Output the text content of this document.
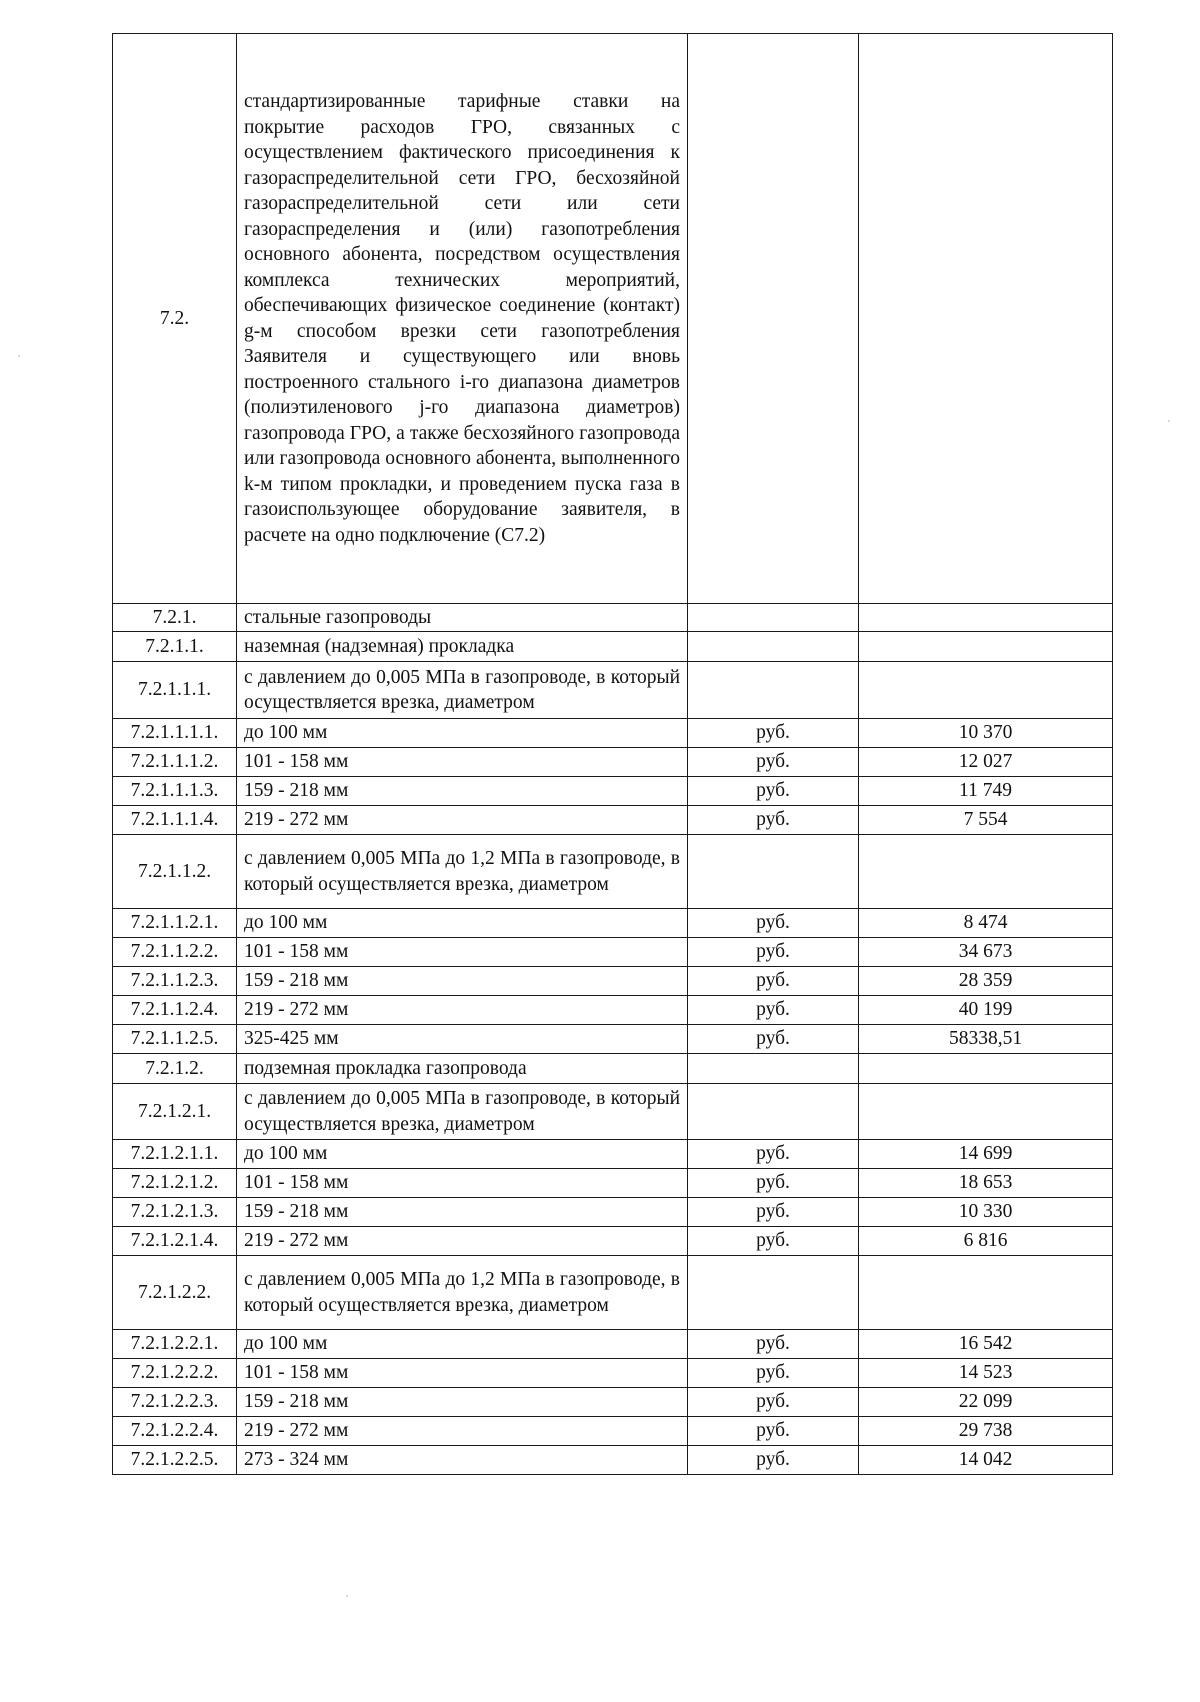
7.2.	стандартизированные тарифные ставки на покрытие расходов ГРО, связанных с осуществлением фактического присоединения к газораспределительной сети ГРО, бесхозяйной газораспределительной сети или сети газораспределения и (или) газопотребления основного абонента, посредством осуществления комплекса технических мероприятий, обеспечивающих физическое соединение (контакт) g-м способом врезки сети газопотребления Заявителя и существующего или вновь построенного стального i-го диапазона диаметров (полиэтиленового j-го диапазона диаметров) газопровода ГРО, а также бесхозяйного газопровода или газопровода основного абонента, выполненного k-м типом прокладки, и проведением пуска газа в газоиспользующее оборудование заявителя, в расчете на одно подключение (С7.2)		
7.2.1.	стальные газопроводы		
7.2.1.1.	наземная (надземная) прокладка		
7.2.1.1.1.	с давлением до 0,005 МПа в газопроводе, в который осуществляется врезка, диаметром		
7.2.1.1.1.1.	до 100 мм	руб.	10 370
7.2.1.1.1.2.	101 - 158 мм	руб.	12 027
7.2.1.1.1.3.	159 - 218 мм	руб.	11 749
7.2.1.1.1.4.	219 - 272 мм	руб.	7 554
7.2.1.1.2.	с давлением 0,005 МПа до 1,2 МПа в газопроводе, в который осуществляется врезка, диаметром		
7.2.1.1.2.1.	до 100 мм	руб.	8 474
7.2.1.1.2.2.	101 - 158 мм	руб.	34 673
7.2.1.1.2.3.	159 - 218 мм	руб.	28 359
7.2.1.1.2.4.	219 - 272 мм	руб.	40 199
7.2.1.1.2.5.	325-425 мм	руб.	58338,51
7.2.1.2.	подземная прокладка газопровода		
7.2.1.2.1.	с давлением до 0,005 МПа в газопроводе, в который осуществляется врезка, диаметром		
7.2.1.2.1.1.	до 100 мм	руб.	14 699
7.2.1.2.1.2.	101 - 158 мм	руб.	18 653
7.2.1.2.1.3.	159 - 218 мм	руб.	10 330
7.2.1.2.1.4.	219 - 272 мм	руб.	6 816
7.2.1.2.2.	с давлением 0,005 МПа до 1,2 МПа в газопроводе, в который осуществляется врезка, диаметром		
7.2.1.2.2.1.	до 100 мм	руб.	16 542
7.2.1.2.2.2.	101 - 158 мм	руб.	14 523
7.2.1.2.2.3.	159 - 218 мм	руб.	22 099
7.2.1.2.2.4.	219 - 272 мм	руб.	29 738
7.2.1.2.2.5.	273 - 324 мм	руб.	14 042
